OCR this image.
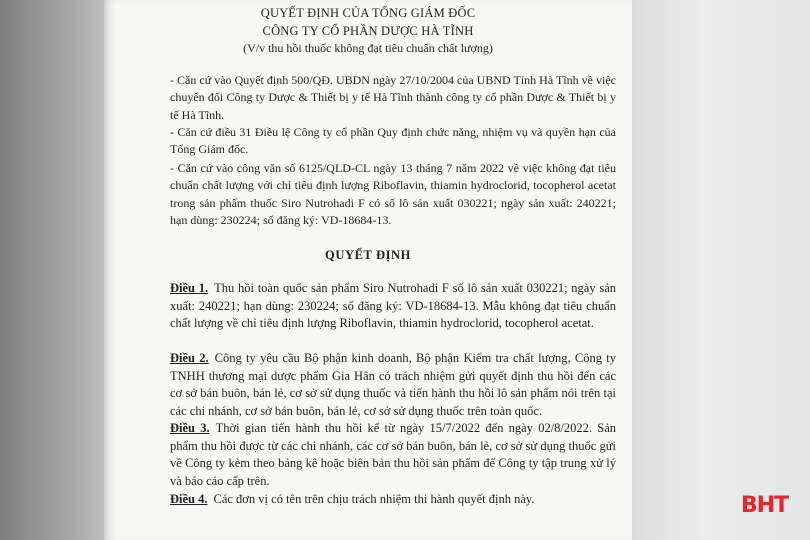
QUYẾT ĐỊNH CỦA TỔNG GIÁM ĐỐC
CÔNG TY CỔ PHẦN DƯỢC HÀ TĨNH
(V/v thu hồi thuốc không đạt tiêu chuẩn chất lượng)
- Căn cứ vào Quyết định 500/QĐ. UBDN ngày 27/10/2004 của UBND Tỉnh Hà Tĩnh về việc chuyển đổi Công ty Dược & Thiết bị y tế Hà Tĩnh thành công ty cổ phần Dược & Thiết bị y tế Hà Tĩnh.
- Căn cứ điều 31 Điều lệ Công ty cổ phần Quy định chức năng, nhiệm vụ và quyền hạn của Tổng Giám đốc.
- Căn cứ vào công văn số 6125/QLD-CL ngày 13 tháng 7 năm 2022 về việc không đạt tiêu chuẩn chất lượng với chỉ tiêu định lượng Riboflavin, thiamin hydroclorid, tocopherol acetat trong sản phẩm thuốc Siro Nutrohadi F có số lô sản xuất 030221; ngày sản xuất: 240221; hạn dùng: 230224; số đăng ký: VD-18684-13.
QUYẾT ĐỊNH
Điều 1. Thu hồi toàn quốc sản phẩm Siro Nutrohadi F số lô sản xuất 030221; ngày sản xuất: 240221; hạn dùng: 230224; số đăng ký: VD-18684-13. Mẫu không đạt tiêu chuẩn chất lượng về chỉ tiêu định lượng Riboflavin, thiamin hydroclorid, tocopherol acetat.
Điều 2. Công ty yêu cầu Bộ phận kinh doanh, Bộ phận Kiểm tra chất lượng, Công ty TNHH thương mại dược phẩm Gia Hân có trách nhiệm gửi quyết định thu hồi đến các cơ sở bán buôn, bán lẻ, cơ sở sử dụng thuốc và tiến hành thu hồi lô sản phẩm nói trên tại các chi nhánh, cơ sở bán buôn, bán lẻ, cơ sở sử dụng thuốc trên toàn quốc.
Điều 3. Thời gian tiến hành thu hồi kể từ ngày 15/7/2022 đến ngày 02/8/2022. Sản phẩm thu hồi được từ các chi nhánh, các cơ sở bán buôn, bán lẻ, cơ sở sử dụng thuốc gửi về Công ty kèm theo bảng kê hoặc biên bản thu hồi sản phẩm để Công ty tập trung xử lý và báo cáo cấp trên.
Điều 4. Các đơn vị có tên trên chịu trách nhiệm thi hành quyết định này.	BHT
